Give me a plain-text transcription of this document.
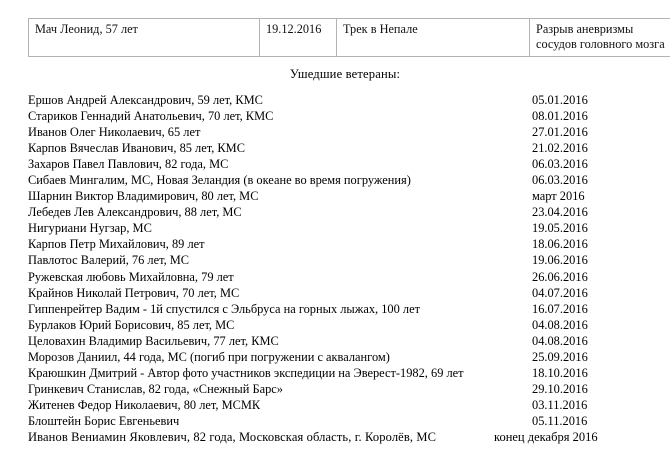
Мач Леонид, 57 лет	19.12.2016	Трек в Непале	Разрыв аневризмы сосудов головного мозга
Ушедшие ветераны:
Ершов Андрей Александрович, 59 лет, КМС	05.01.2016
Стариков Геннадий Анатольевич, 70 лет, КМС	08.01.2016
Иванов Олег Николаевич, 65 лет	27.01.2016
Карпов Вячеслав Иванович, 85 лет, КМС	21.02.2016
Захаров Павел Павлович, 82 года, МС	06.03.2016
Сибаев Мингалим, МС, Новая Зеландия (в океане во время погружения)	06.03.2016
Шарнин Виктор Владимирович, 80 лет, МС	март 2016
Лебедев Лев Александрович, 88 лет, МС	23.04.2016
Нигуриани Нугзар, МС	19.05.2016
Карпов Петр Михайлович, 89 лет	18.06.2016
Павлотос Валерий, 76 лет, МС	19.06.2016
Ружевская любовь Михайловна, 79 лет	26.06.2016
Крайнов Николай Петрович, 70 лет, МС	04.07.2016
Гиппенрейтер Вадим - 1й спустился с Эльбруса на горных лыжах, 100 лет	16.07.2016
Бурлаков Юрий Борисович, 85 лет, МС	04.08.2016
Целовахин Владимир Васильевич, 77 лет, КМС	04.08.2016
Морозов Даниил, 44 года, МС (погиб при погружении с аквалангом)	25.09.2016
Краюшкин Дмитрий - Автор фото участников экспедиции на Эверест-1982, 69 лет	18.10.2016
Гринкевич Станислав, 82 года, «Снежный Барс»	29.10.2016
Житенев Федор Николаевич, 80 лет, МСМК	03.11.2016
Блоштейн Борис Евгеньевич	05.11.2016
Иванов Вениамин Яковлевич, 82 года, Московская область, г. Королёв, МС	конец декабря 2016
